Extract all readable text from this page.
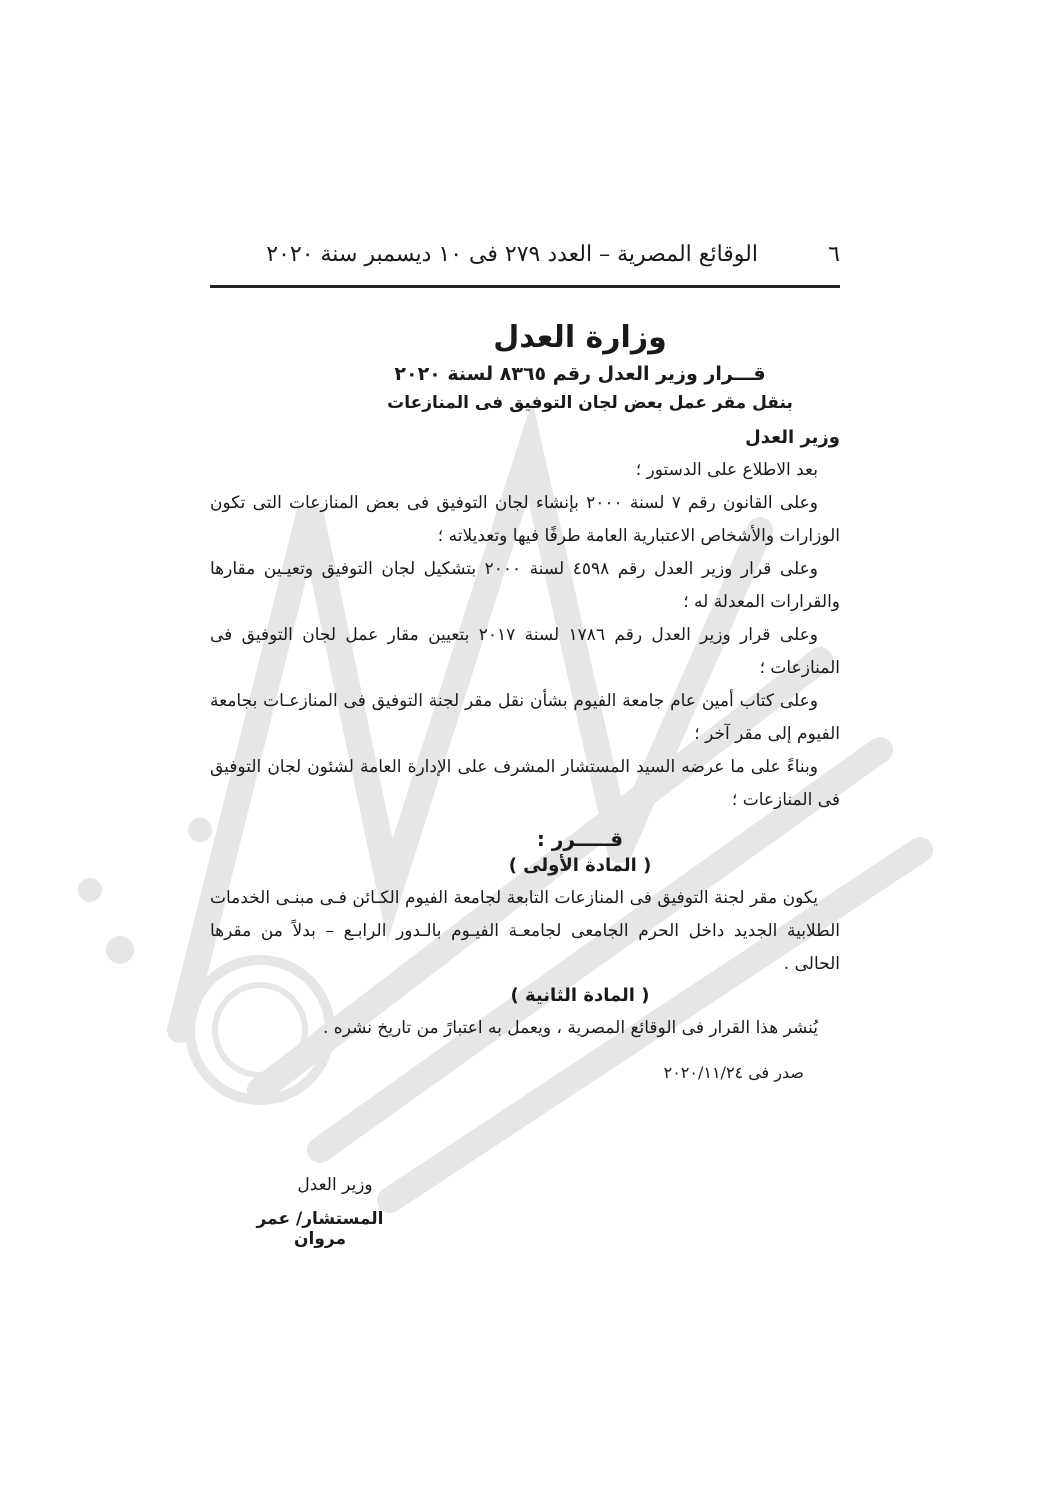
٦
الوقائع المصرية – العدد ٢٧٩ فى ١٠ ديسمبر سنة ٢٠٢٠
وزارة العدل
قـــرار وزير العدل رقم ٨٣٦٥ لسنة ٢٠٢٠
بنقل مقر عمل بعض لجان التوفيق فى المنازعات
وزير العدل

بعد الاطلاع على الدستور ؛

وعلى القانون رقم ٧ لسنة ٢٠٠٠ بإنشاء لجان التوفيق فى بعض المنازعات التى تكون الوزارات والأشخاص الاعتبارية العامة طرفًا فيها وتعديلاته ؛

وعلى قرار وزير العدل رقم ٤٥٩٨ لسنة ٢٠٠٠ بتشكيل لجان التوفيق وتعيـين مقارها والقرارات المعدلة له ؛

وعلى قرار وزير العدل رقم ١٧٨٦ لسنة ٢٠١٧ بتعيين مقار عمل لجان التوفيق فى المنازعات ؛

وعلى كتاب أمين عام جامعة الفيوم بشأن نقل مقر لجنة التوفيق فى المنازعـات بجامعة الفيوم إلى مقر آخر ؛

وبناءً على ما عرضه السيد المستشار المشرف على الإدارة العامة لشئون لجان التوفيق فى المنازعات ؛

قـــــرر :
( المادة الأولى )

يكون مقر لجنة التوفيق فى المنازعات التابعة لجامعة الفيوم الكـائن فـى مبنـى الخدمات الطلابية الجديد داخل الحرم الجامعى لجامعـة الفيـوم بالـدور الرابـع – بدلاً من مقرها الحالى .

( المادة الثانية )

يُنشر هذا القرار فى الوقائع المصرية ، ويعمل به اعتبارً من تاريخ نشره .

صدر فى ٢٠٢٠/١١/٢٤
وزير العدل
المستشار/ عمر مروان
